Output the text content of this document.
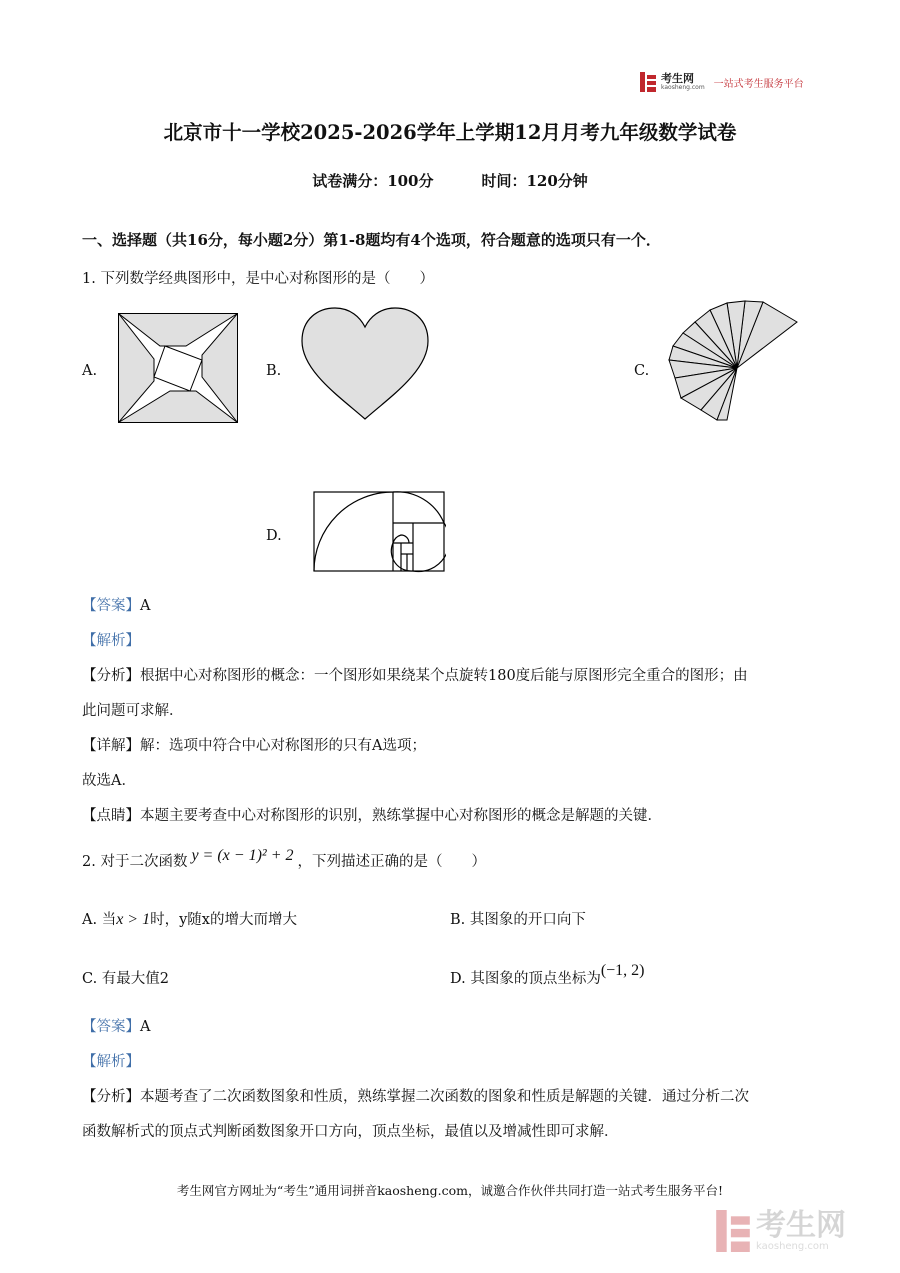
考生网
kaosheng.com 一站式考生服务平台
北京市十一学校2025-2026学年上学期12月月考九年级数学试卷
试卷满分：100分	时间：120分钟
一、选择题（共16分，每小题2分）第1-8题均有4个选项，符合题意的选项只有一个．
1. 下列数学经典图形中，是中心对称图形的是（　　）
A.	B.	C.
D.
【答案】A
【解析】
【分析】根据中心对称图形的概念：一个图形如果绕某个点旋转180度后能与原图形完全重合的图形；由
此问题可求解．
【详解】解：选项中符合中心对称图形的只有A选项；
故选A．
【点睛】本题主要考查中心对称图形的识别，熟练掌握中心对称图形的概念是解题的关键．
2. 对于二次函数 y = (x − 1)² + 2 ，下列描述正确的是（　　）
A. 当x > 1时，y随x的增大而增大	B. 其图象的开口向下
C. 有最大值2	D. 其图象的顶点坐标为(−1, 2)
【答案】A
【解析】
【分析】本题考查了二次函数图象和性质，熟练掌握二次函数的图象和性质是解题的关键．通过分析二次
函数解析式的顶点式判断函数图象开口方向，顶点坐标，最值以及增减性即可求解．
考生网官方网址为“考生”通用词拼音kaosheng.com，诚邀合作伙伴共同打造一站式考生服务平台!
考生网
kaosheng.com
